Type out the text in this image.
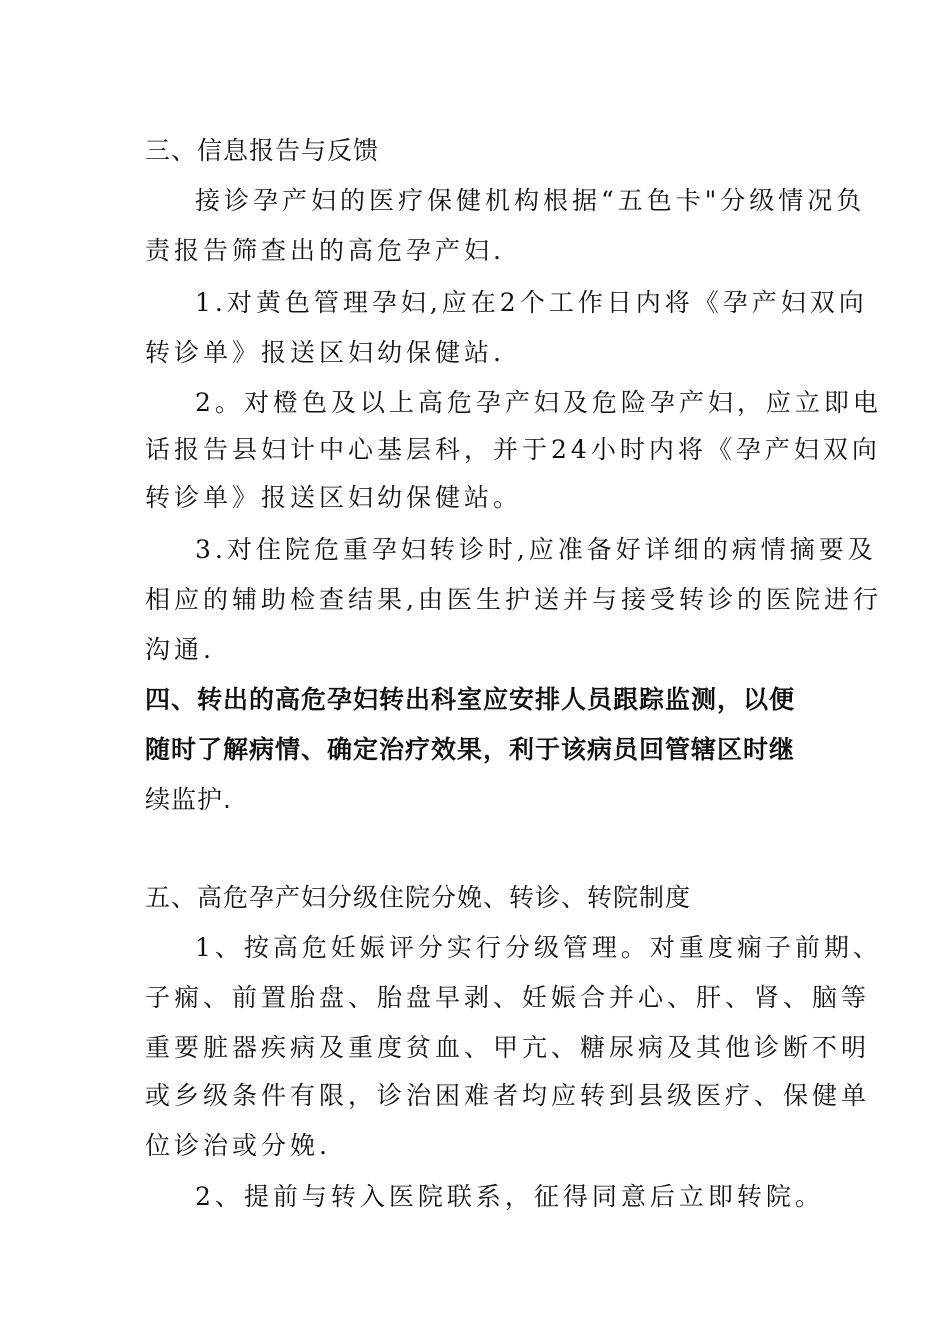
三、信息报告与反馈
接诊孕产妇的医疗保健机构根据“五色卡"分级情况负
责报告筛查出的高危孕产妇.
1.对黄色管理孕妇,应在2个工作日内将《孕产妇双向
转诊单》报送区妇幼保健站.
2。对橙色及以上高危孕产妇及危险孕产妇，应立即电
话报告县妇计中心基层科，并于24小时内将《孕产妇双向
转诊单》报送区妇幼保健站。
3.对住院危重孕妇转诊时,应准备好详细的病情摘要及
相应的辅助检查结果,由医生护送并与接受转诊的医院进行
沟通.
四、转出的高危孕妇转出科室应安排人员跟踪监测，以便
随时了解病情、确定治疗效果，利于该病员回管辖区时继
续监护.
五、高危孕产妇分级住院分娩、转诊、转院制度
1、按高危妊娠评分实行分级管理。对重度痫子前期、
子痫、前置胎盘、胎盘早剥、妊娠合并心、肝、肾、脑等
重要脏器疾病及重度贫血、甲亢、糖尿病及其他诊断不明
或乡级条件有限，诊治困难者均应转到县级医疗、保健单
位诊治或分娩.
2、提前与转入医院联系，征得同意后立即转院。
